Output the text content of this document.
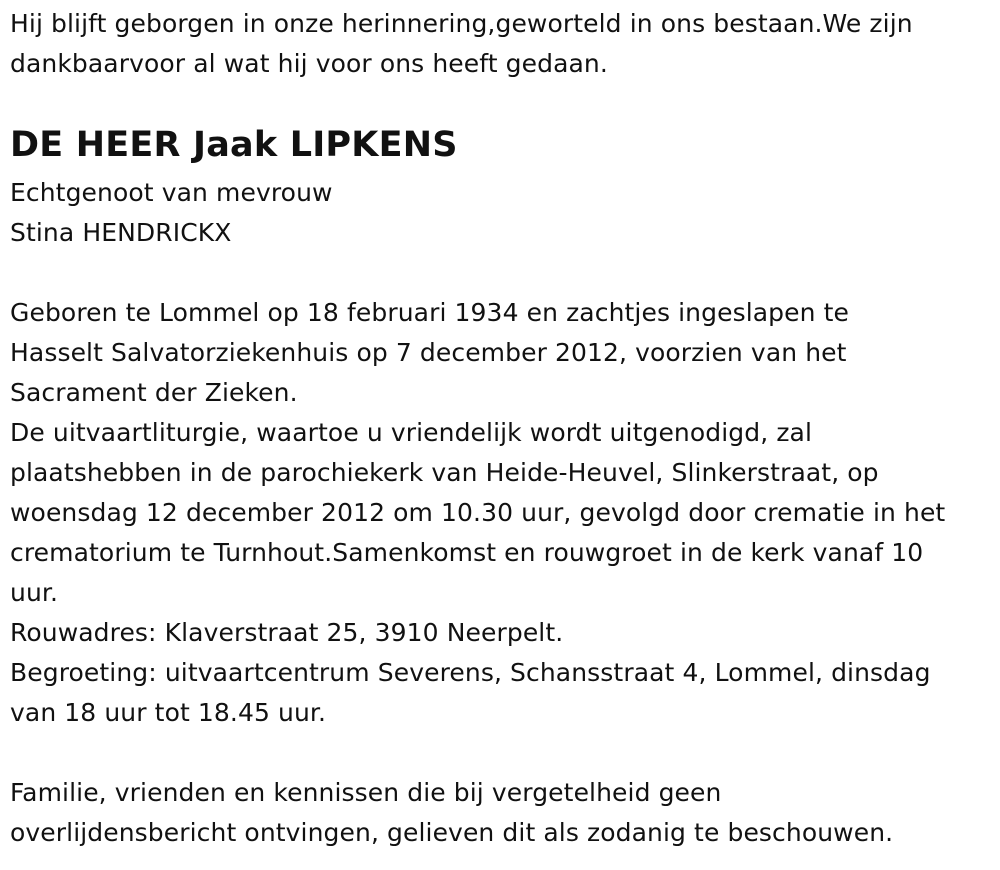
Hij blijft geborgen in onze herinnering,geworteld in ons bestaan.We zijn
dankbaarvoor al wat hij voor ons heeft gedaan.
DE HEER Jaak LIPKENS
Echtgenoot van mevrouw
Stina HENDRICKX
Geboren te Lommel op 18 februari 1934 en zachtjes ingeslapen te
Hasselt Salvatorziekenhuis op 7 december 2012, voorzien van het
Sacrament der Zieken.
De uitvaartliturgie, waartoe u vriendelijk wordt uitgenodigd, zal
plaatshebben in de parochiekerk van Heide-Heuvel, Slinkerstraat, op
woensdag 12 december 2012 om 10.30 uur, gevolgd door crematie in het
crematorium te Turnhout.Samenkomst en rouwgroet in de kerk vanaf 10
uur.
Rouwadres: Klaverstraat 25, 3910 Neerpelt.
Begroeting: uitvaartcentrum Severens, Schansstraat 4, Lommel, dinsdag
van 18 uur tot 18.45 uur.
Familie, vrienden en kennissen die bij vergetelheid geen
overlijdensbericht ontvingen, gelieven dit als zodanig te beschouwen.
